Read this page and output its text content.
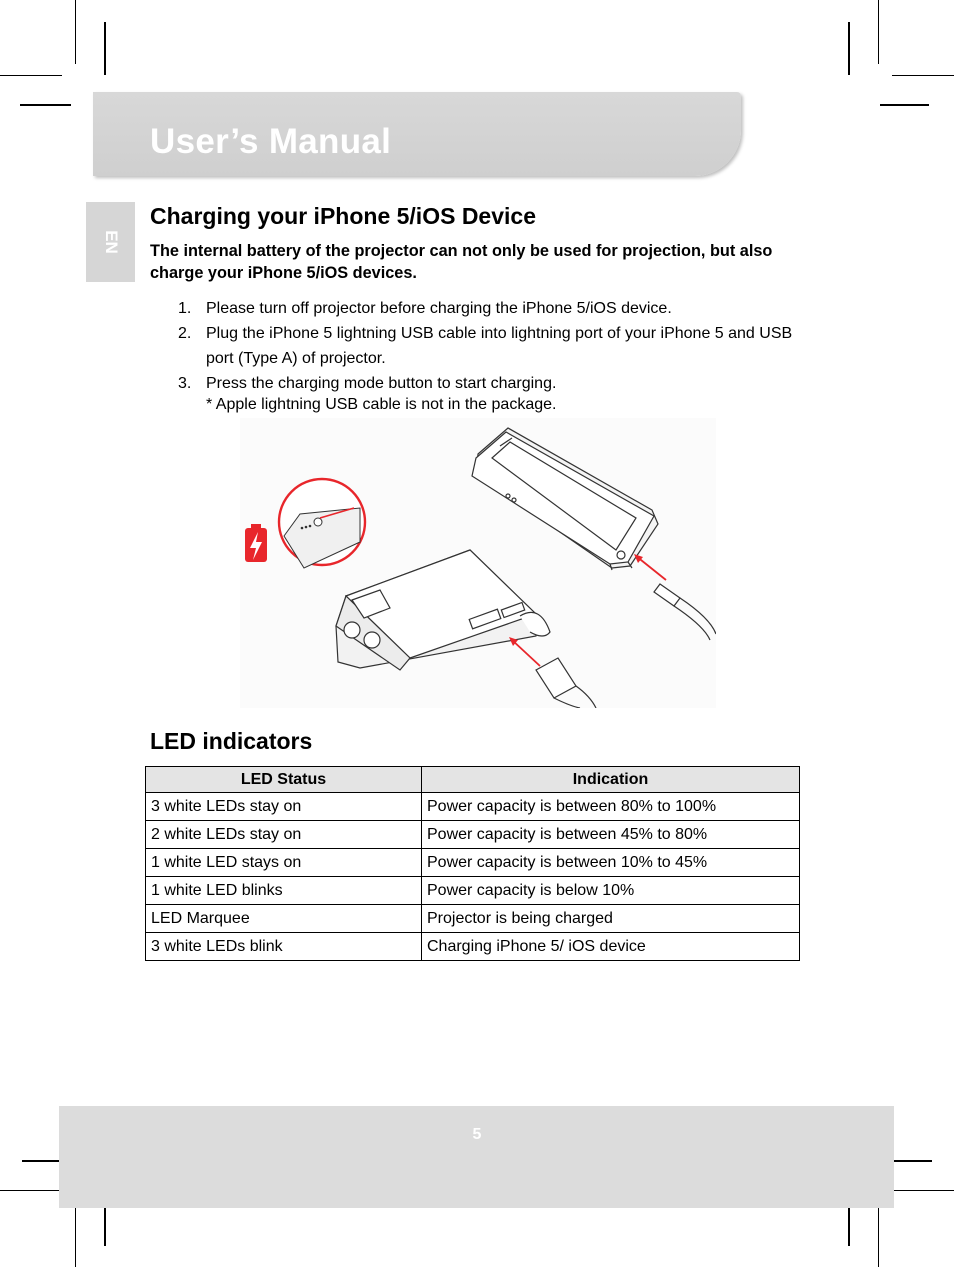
User’s Manual
EN
Charging your iPhone 5/iOS Device

The internal battery of the projector can not only be used for projection, but also charge your iPhone 5/iOS devices.

1. Please turn off projector before charging the iPhone 5/iOS device.
2. Plug the iPhone 5 lightning USB cable into lightning port of your iPhone 5 and USB port (Type A) of projector.
3. Press the charging mode button to start charging.
* Apple lightning USB cable is not in the package.
LED indicators
LED Status	Indication
3 white LEDs stay on	Power capacity is between 80% to 100%
2 white LEDs stay on	Power capacity is between 45% to 80%
1 white LED stays on	Power capacity is between 10% to 45%
1 white LED blinks	Power capacity is below 10%
LED Marquee	Projector is being charged
3 white LEDs blink	Charging iPhone 5/ iOS device
5
